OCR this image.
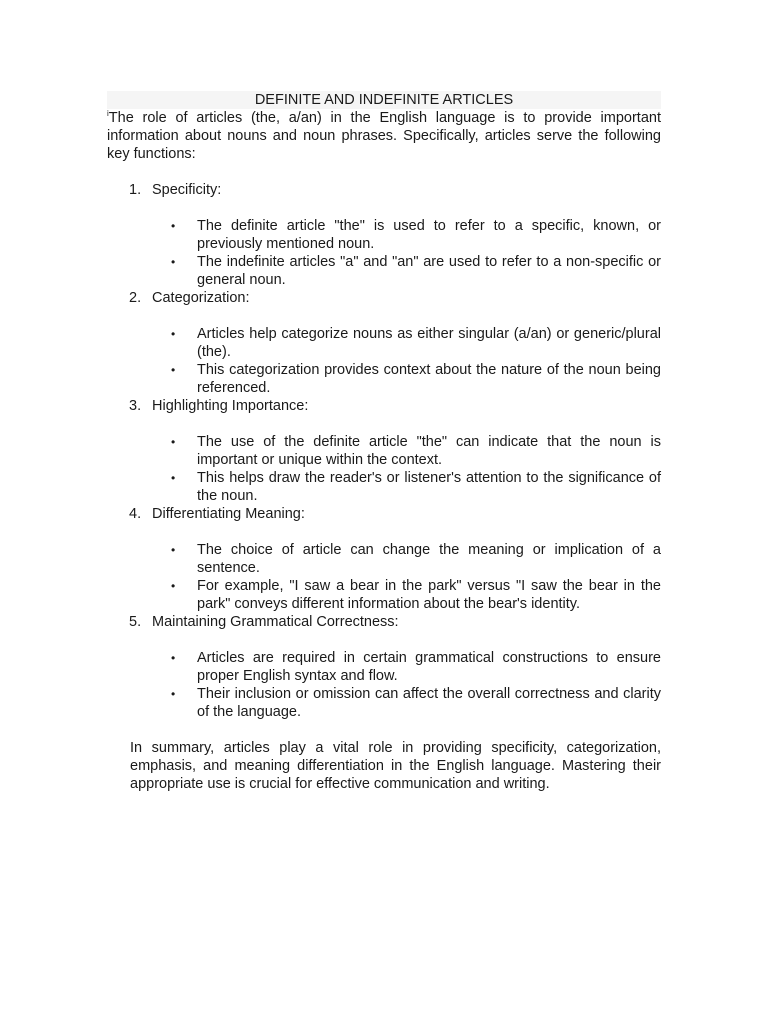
DEFINITE AND INDEFINITE ARTICLES

$^i$The role of articles (the, a/an) in the English language is to provide important information about nouns and noun phrases. Specifically, articles serve the following key functions:

1. Specificity:
• The definite article "the" is used to refer to a specific, known, or previously mentioned noun.
• The indefinite articles "a" and "an" are used to refer to a non-specific or general noun.
2. Categorization:
• Articles help categorize nouns as either singular (a/an) or generic/plural (the).
• This categorization provides context about the nature of the noun being referenced.
3. Highlighting Importance:
• The use of the definite article "the" can indicate that the noun is important or unique within the context.
• This helps draw the reader's or listener's attention to the significance of the noun.
4. Differentiating Meaning:
• The choice of article can change the meaning or implication of a sentence.
• For example, "I saw a bear in the park" versus "I saw the bear in the park" conveys different information about the bear's identity.
5. Maintaining Grammatical Correctness:
• Articles are required in certain grammatical constructions to ensure proper English syntax and flow.
• Their inclusion or omission can affect the overall correctness and clarity of the language.

In summary, articles play a vital role in providing specificity, categorization, emphasis, and meaning differentiation in the English language. Mastering their appropriate use is crucial for effective communication and writing.
